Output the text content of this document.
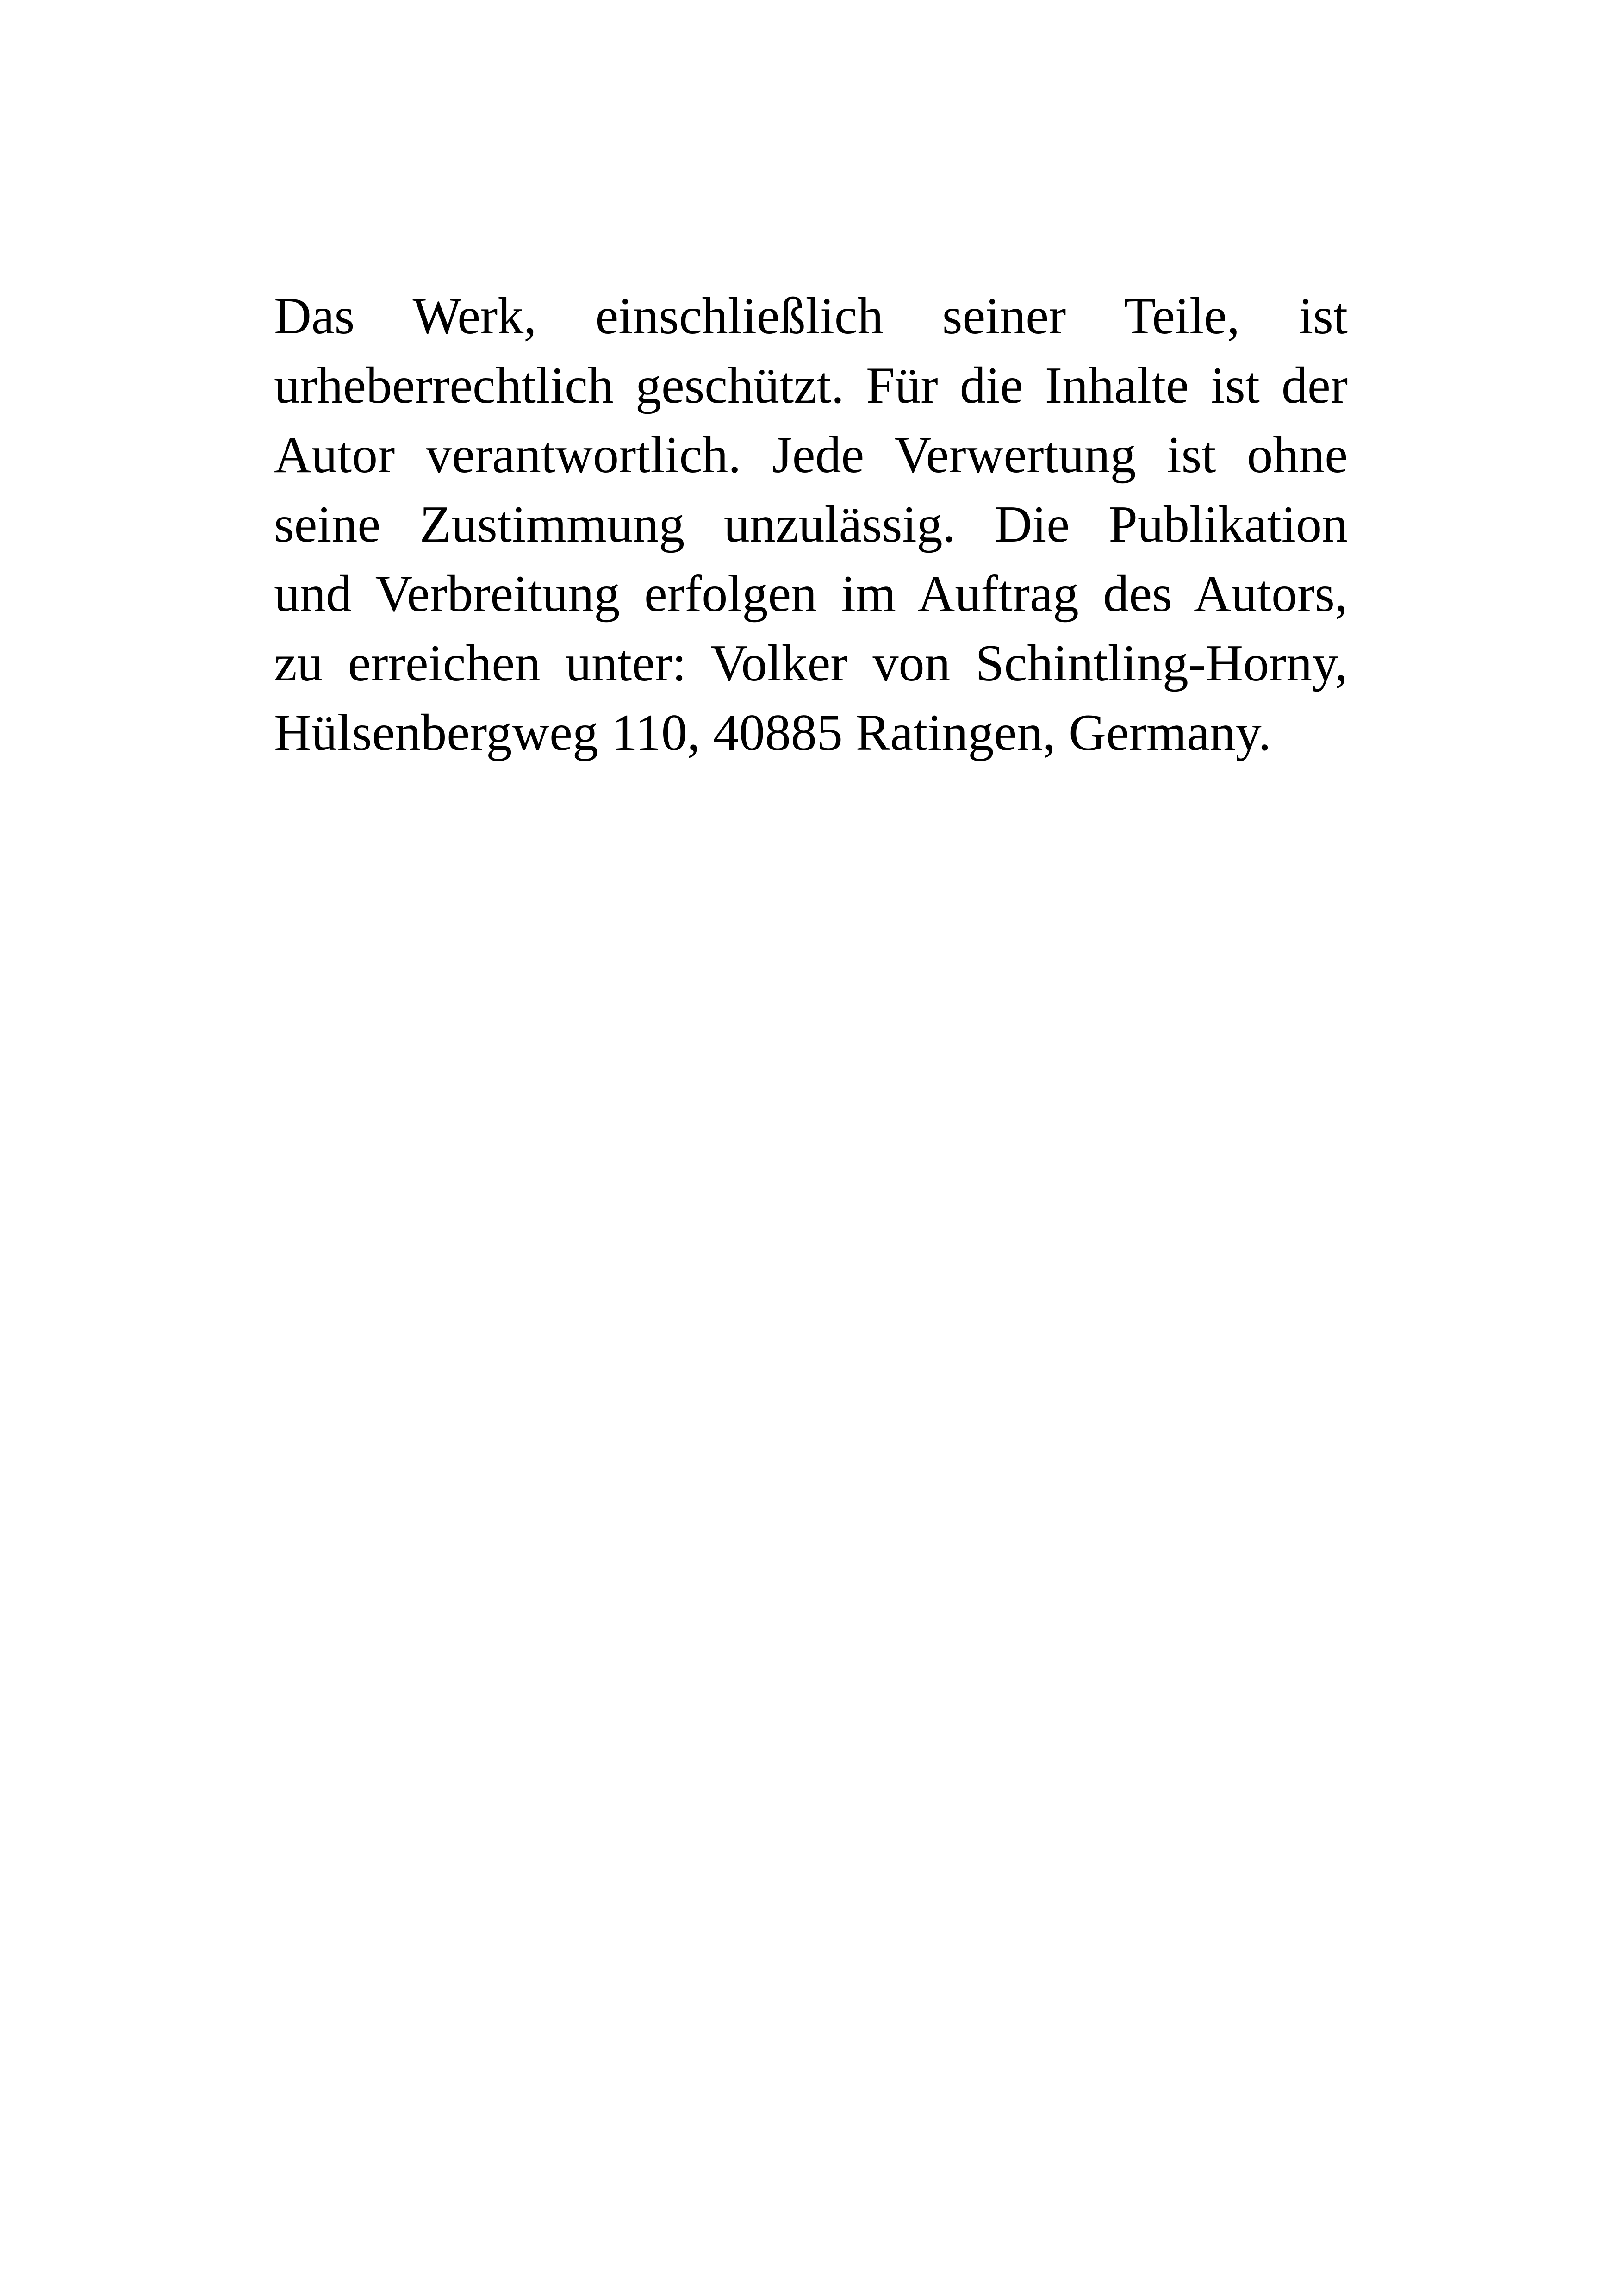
Das Werk, einschließlich seiner Teile, ist
urheberrechtlich geschützt. Für die Inhalte ist der
Autor verantwortlich. Jede Verwertung ist ohne
seine Zustimmung unzulässig. Die Publikation
und Verbreitung erfolgen im Auftrag des Autors,
zu erreichen unter: Volker von Schintling-Horny,
Hülsenbergweg 110, 40885 Ratingen, Germany.
